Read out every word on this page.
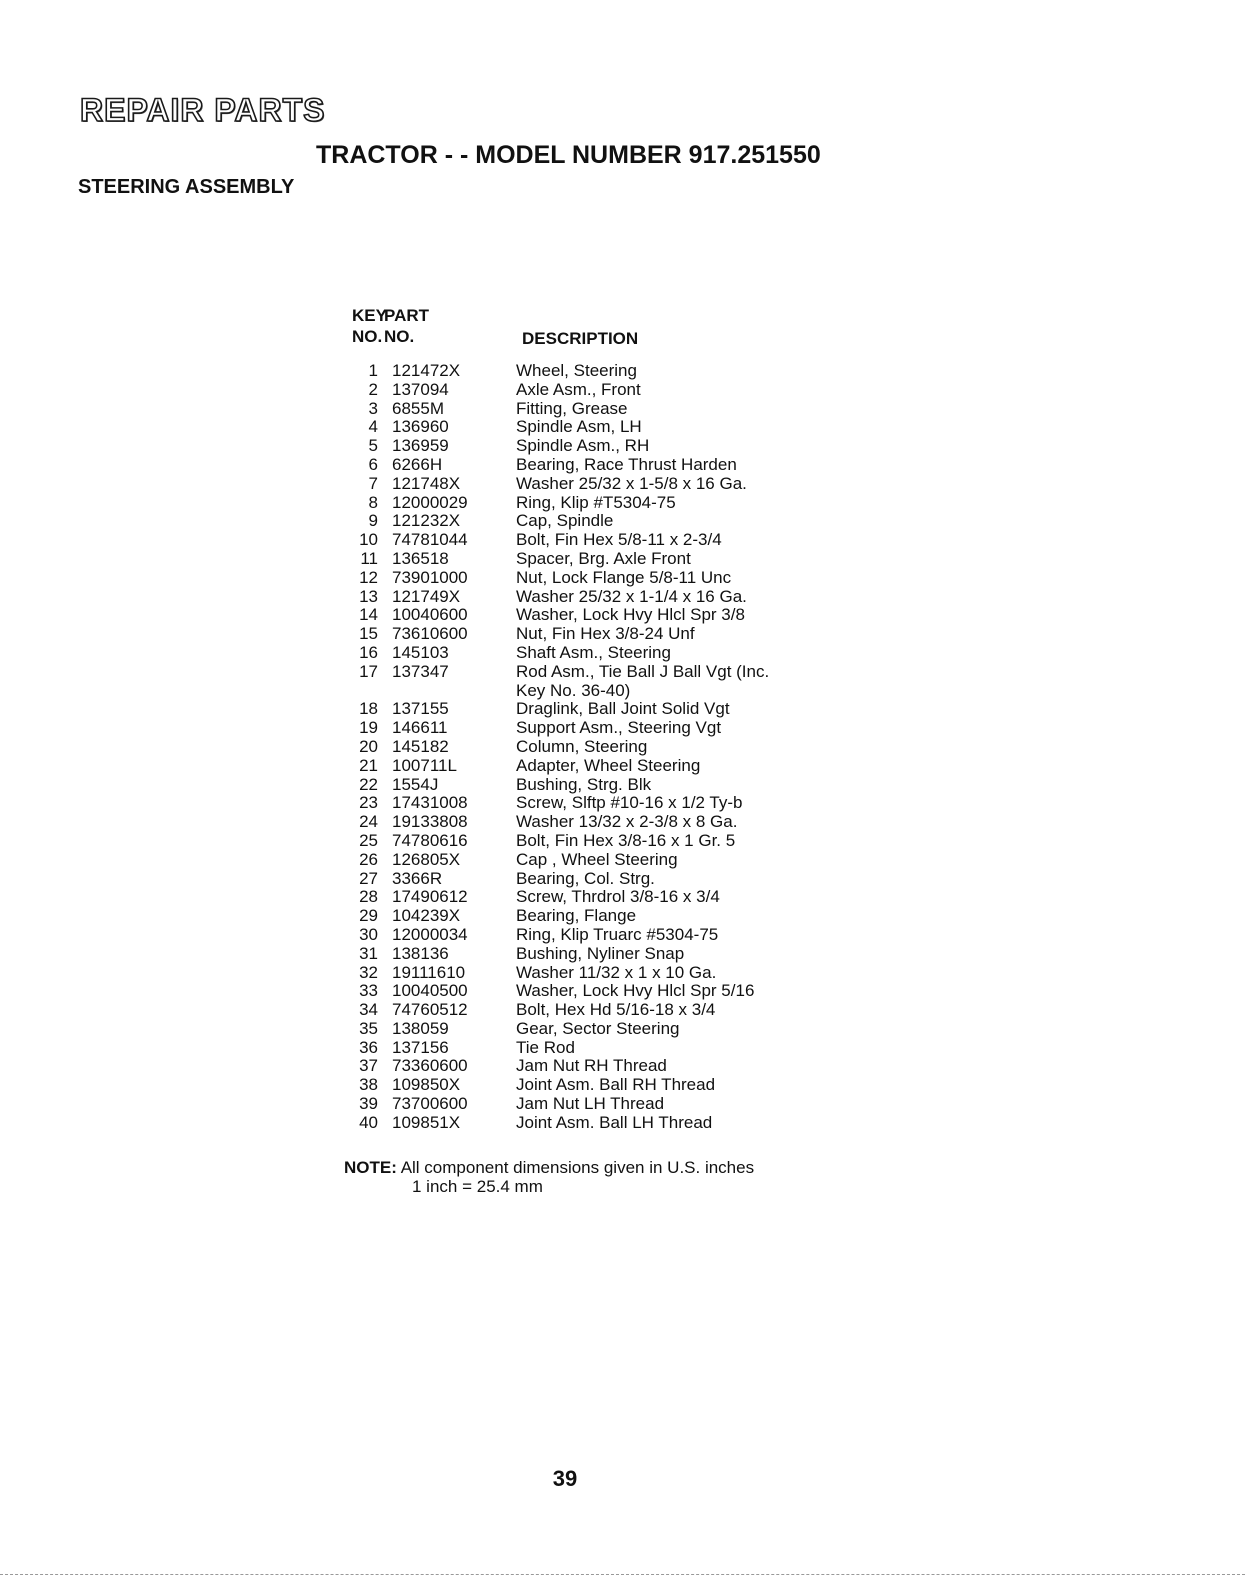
REPAIR PARTS
TRACTOR - - MODEL NUMBER 917.251550
STEERING ASSEMBLY
KEY
NO.
PART
NO.	DESCRIPTION
1 121472X	Wheel, Steering
2 137094	Axle Asm., Front
3 6855M	Fitting, Grease
4 136960	Spindle Asm, LH
5 136959	Spindle Asm., RH
6 6266H	Bearing, Race Thrust Harden
7 121748X	Washer 25/32 x 1-5/8 x 16 Ga.
8 12000029	Ring, Klip #T5304-75
9 121232X	Cap, Spindle
10 74781044	Bolt, Fin Hex 5/8-11 x 2-3/4
11 136518	Spacer, Brg. Axle Front
12 73901000	Nut, Lock Flange 5/8-11 Unc
13 121749X	Washer 25/32 x 1-1/4 x 16 Ga.
14 10040600	Washer, Lock Hvy Hlcl Spr 3/8
15 73610600	Nut, Fin Hex 3/8-24 Unf
16 145103	Shaft Asm., Steering
17 137347	Rod Asm., Tie Ball J Ball Vgt (Inc.
Key No. 36-40)
18 137155	Draglink, Ball Joint Solid Vgt
19 146611	Support Asm., Steering Vgt
20 145182	Column, Steering
21 100711L	Adapter, Wheel Steering
22 1554J	Bushing, Strg. Blk
23 17431008	Screw, Slftp #10-16 x 1/2 Ty-b
24 19133808	Washer 13/32 x 2-3/8 x 8 Ga.
25 74780616	Bolt, Fin Hex 3/8-16 x 1 Gr. 5
26 126805X	Cap , Wheel Steering
27 3366R	Bearing, Col. Strg.
28 17490612	Screw, Thrdrol 3/8-16 x 3/4
29 104239X	Bearing, Flange
30 12000034	Ring, Klip Truarc #5304-75
31 138136	Bushing, Nyliner Snap
32 19111610	Washer 11/32 x 1 x 10 Ga.
33 10040500	Washer, Lock Hvy Hlcl Spr 5/16
34 74760512	Bolt, Hex Hd 5/16-18 x 3/4
35 138059	Gear, Sector Steering
36 137156	Tie Rod
37 73360600	Jam Nut RH Thread
38 109850X	Joint Asm. Ball RH Thread
39 73700600	Jam Nut LH Thread
40 109851X	Joint Asm. Ball LH Thread
NOTE: All component dimensions given in U.S. inches
1 inch = 25.4 mm
39
